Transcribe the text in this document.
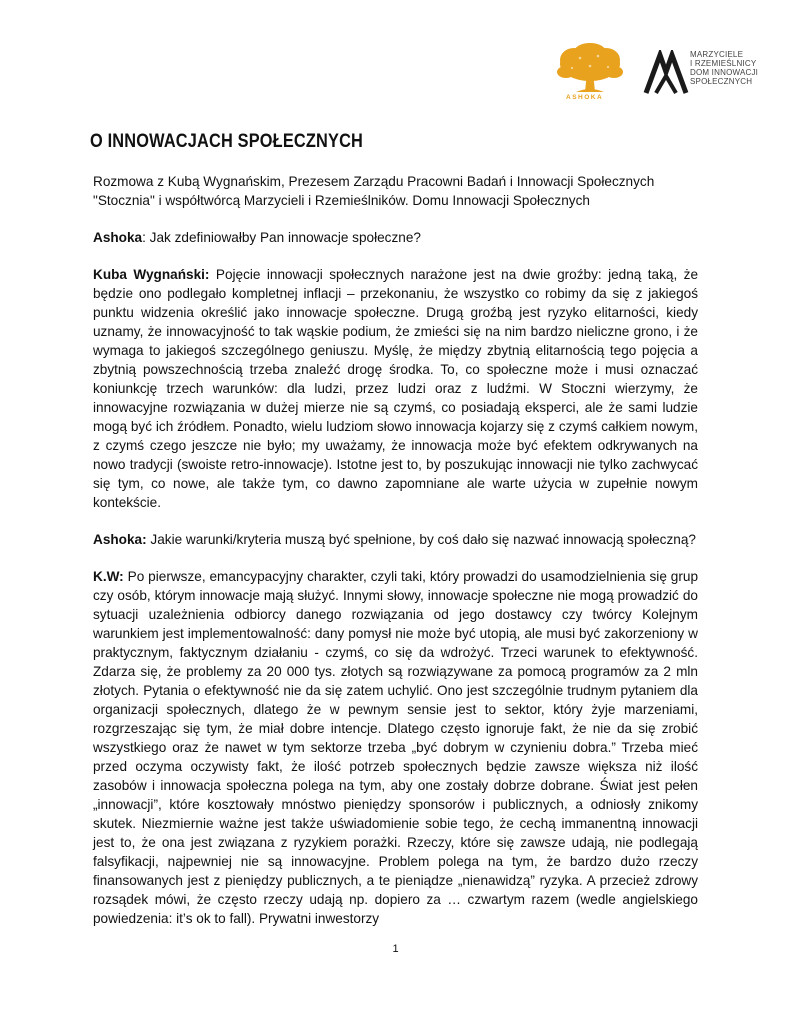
ASHOKA
MARZYCIELE
I RZEMIEŚLNICY
DOM INNOWACJI
SPOŁECZNYCH
O INNOWACJACH SPOŁECZNYCH

Rozmowa z Kubą Wygnańskim, Prezesem Zarządu Pracowni Badań i Innowacji Społecznych "Stocznia" i współtwórcą Marzycieli i Rzemieślników. Domu Innowacji Społecznych

Ashoka: Jak zdefiniowałby Pan innowacje społeczne?

Kuba Wygnański: Pojęcie innowacji społecznych narażone jest na dwie groźby: jedną taką, że będzie ono podlegało kompletnej inflacji – przekonaniu, że wszystko co robimy da się z jakiegoś punktu widzenia określić jako innowacje społeczne. Drugą groźbą jest ryzyko elitarności, kiedy uznamy, że innowacyjność to tak wąskie podium, że zmieści się na nim bardzo nieliczne grono, i że wymaga to jakiegoś szczególnego geniuszu. Myślę, że między zbytnią elitarnością tego pojęcia a zbytnią powszechnością trzeba znaleźć drogę środka. To, co społeczne może i musi oznaczać koniunkcję trzech warunków: dla ludzi, przez ludzi oraz z ludźmi. W Stoczni wierzymy, że innowacyjne rozwiązania w dużej mierze nie są czymś, co posiadają eksperci, ale że sami ludzie mogą być ich źródłem. Ponadto, wielu ludziom słowo innowacja kojarzy się z czymś całkiem nowym, z czymś czego jeszcze nie było; my uważamy, że innowacja może być efektem odkrywanych na nowo tradycji (swoiste retro-innowacje). Istotne jest to, by poszukując innowacji nie tylko zachwycać się tym, co nowe, ale także tym, co dawno zapomniane ale warte użycia w zupełnie nowym kontekście.

Ashoka: Jakie warunki/kryteria muszą być spełnione, by coś dało się nazwać innowacją społeczną?

K.W: Po pierwsze, emancypacyjny charakter, czyli taki, który prowadzi do usamodzielnienia się grup czy osób, którym innowacje mają służyć. Innymi słowy, innowacje społeczne nie mogą prowadzić do sytuacji uzależnienia odbiorcy danego rozwiązania od jego dostawcy czy twórcy Kolejnym warunkiem jest implementowalność: dany pomysł nie może być utopią, ale musi być zakorzeniony w praktycznym, faktycznym działaniu - czymś, co się da wdrożyć. Trzeci warunek to efektywność. Zdarza się, że problemy za 20 000 tys. złotych są rozwiązywane za pomocą programów za 2 mln złotych. Pytania o efektywność nie da się zatem uchylić. Ono jest szczególnie trudnym pytaniem dla organizacji społecznych, dlatego że w pewnym sensie jest to sektor, który żyje marzeniami, rozgrzeszając się tym, że miał dobre intencje. Dlatego często ignoruje fakt, że nie da się zrobić wszystkiego oraz że nawet w tym sektorze trzeba „być dobrym w czynieniu dobra.” Trzeba mieć przed oczyma oczywisty fakt, że ilość potrzeb społecznych będzie zawsze większa niż ilość zasobów i innowacja społeczna polega na tym, aby one zostały dobrze dobrane. Świat jest pełen „innowacji”, które kosztowały mnóstwo pieniędzy sponsorów i publicznych, a odniosły znikomy skutek. Niezmiernie ważne jest także uświadomienie sobie tego, że cechą immanentną innowacji jest to, że ona jest związana z ryzykiem porażki. Rzeczy, które się zawsze udają, nie podlegają falsyfikacji, najpewniej nie są innowacyjne. Problem polega na tym, że bardzo dużo rzeczy finansowanych jest z pieniędzy publicznych, a te pieniądze „nienawidzą” ryzyka. A przecież zdrowy rozsądek mówi, że często rzeczy udają np. dopiero za … czwartym razem (wedle angielskiego powiedzenia: it’s ok to fall). Prywatni inwestorzy

1
